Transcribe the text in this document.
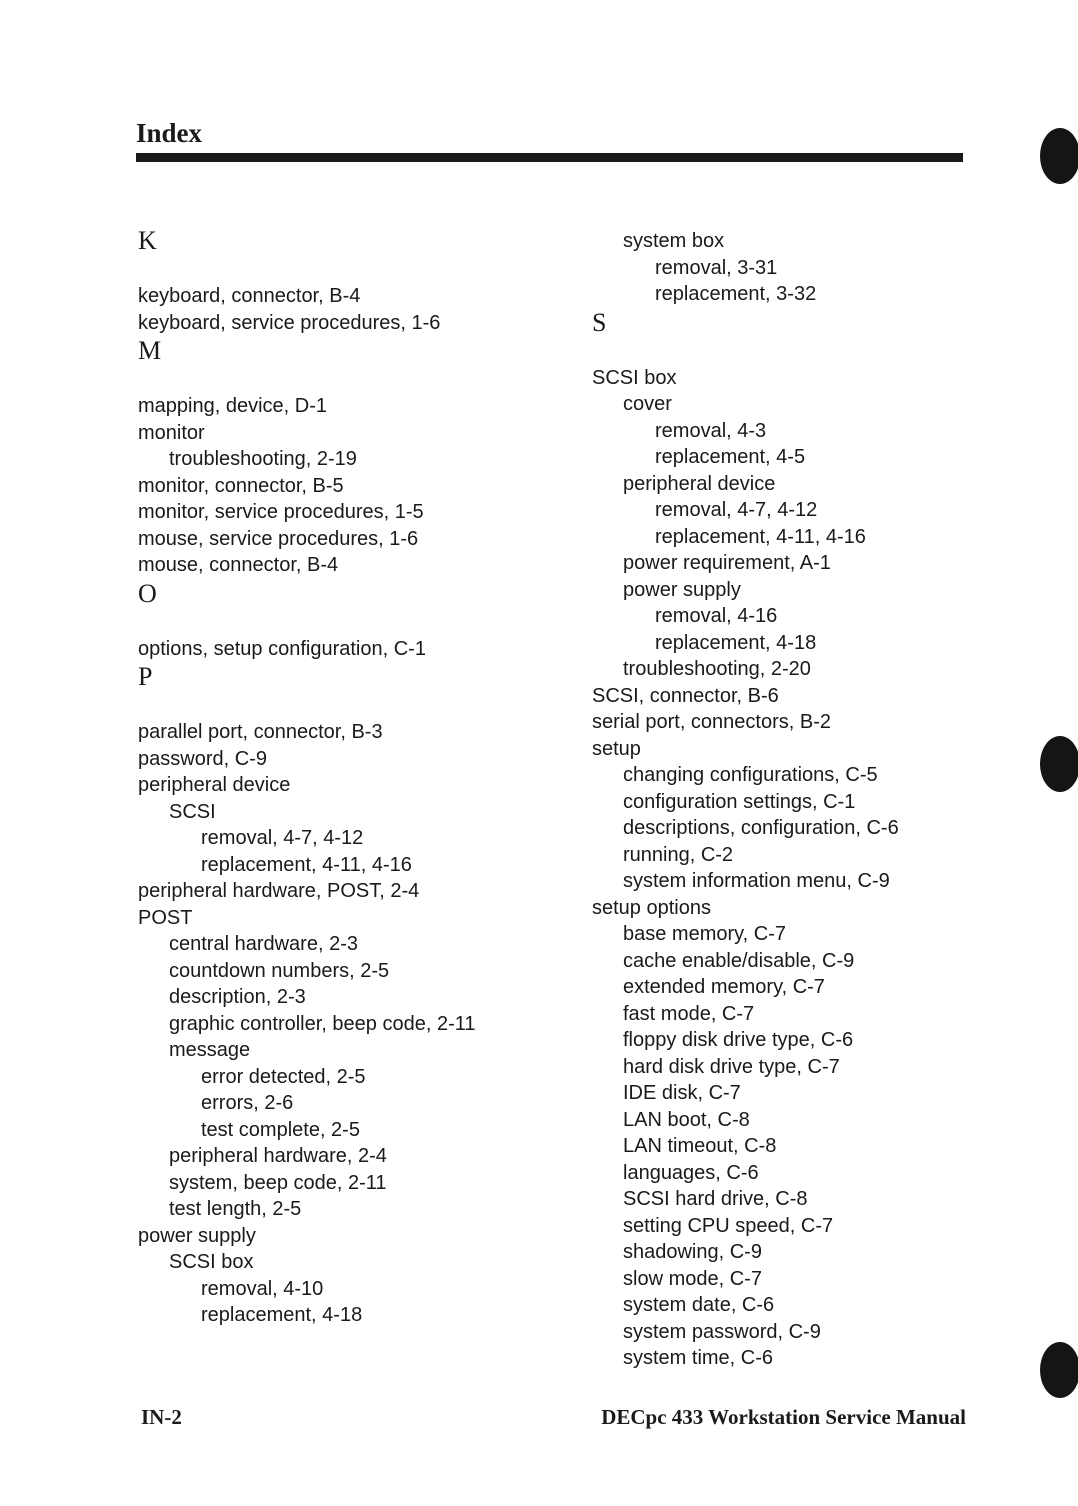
Index
K
keyboard, connector, B-4
keyboard, service procedures, 1-6
M
mapping, device, D-1
monitor
troubleshooting, 2-19
monitor, connector, B-5
monitor, service procedures, 1-5
mouse, service procedures, 1-6
mouse, connector, B-4
O
options, setup configuration, C-1
P
parallel port, connector, B-3
password, C-9
peripheral device
SCSI
removal, 4-7, 4-12
replacement, 4-11, 4-16
peripheral hardware, POST, 2-4
POST
central hardware, 2-3
countdown numbers, 2-5
description, 2-3
graphic controller, beep code, 2-11
message
error detected, 2-5
errors, 2-6
test complete, 2-5
peripheral hardware, 2-4
system, beep code, 2-11
test length, 2-5
power supply
SCSI box
removal, 4-10
replacement, 4-18
system box
removal, 3-31
replacement, 3-32
S
SCSI box
cover
removal, 4-3
replacement, 4-5
peripheral device
removal, 4-7, 4-12
replacement, 4-11, 4-16
power requirement, A-1
power supply
removal, 4-16
replacement, 4-18
troubleshooting, 2-20
SCSI, connector, B-6
serial port, connectors, B-2
setup
changing configurations, C-5
configuration settings, C-1
descriptions, configuration, C-6
running, C-2
system information menu, C-9
setup options
base memory, C-7
cache enable/disable, C-9
extended memory, C-7
fast mode, C-7
floppy disk drive type, C-6
hard disk drive type, C-7
IDE disk, C-7
LAN boot, C-8
LAN timeout, C-8
languages, C-6
SCSI hard drive, C-8
setting CPU speed, C-7
shadowing, C-9
slow mode, C-7
system date, C-6
system password, C-9
system time, C-6
IN-2	DECpc 433 Workstation Service Manual
